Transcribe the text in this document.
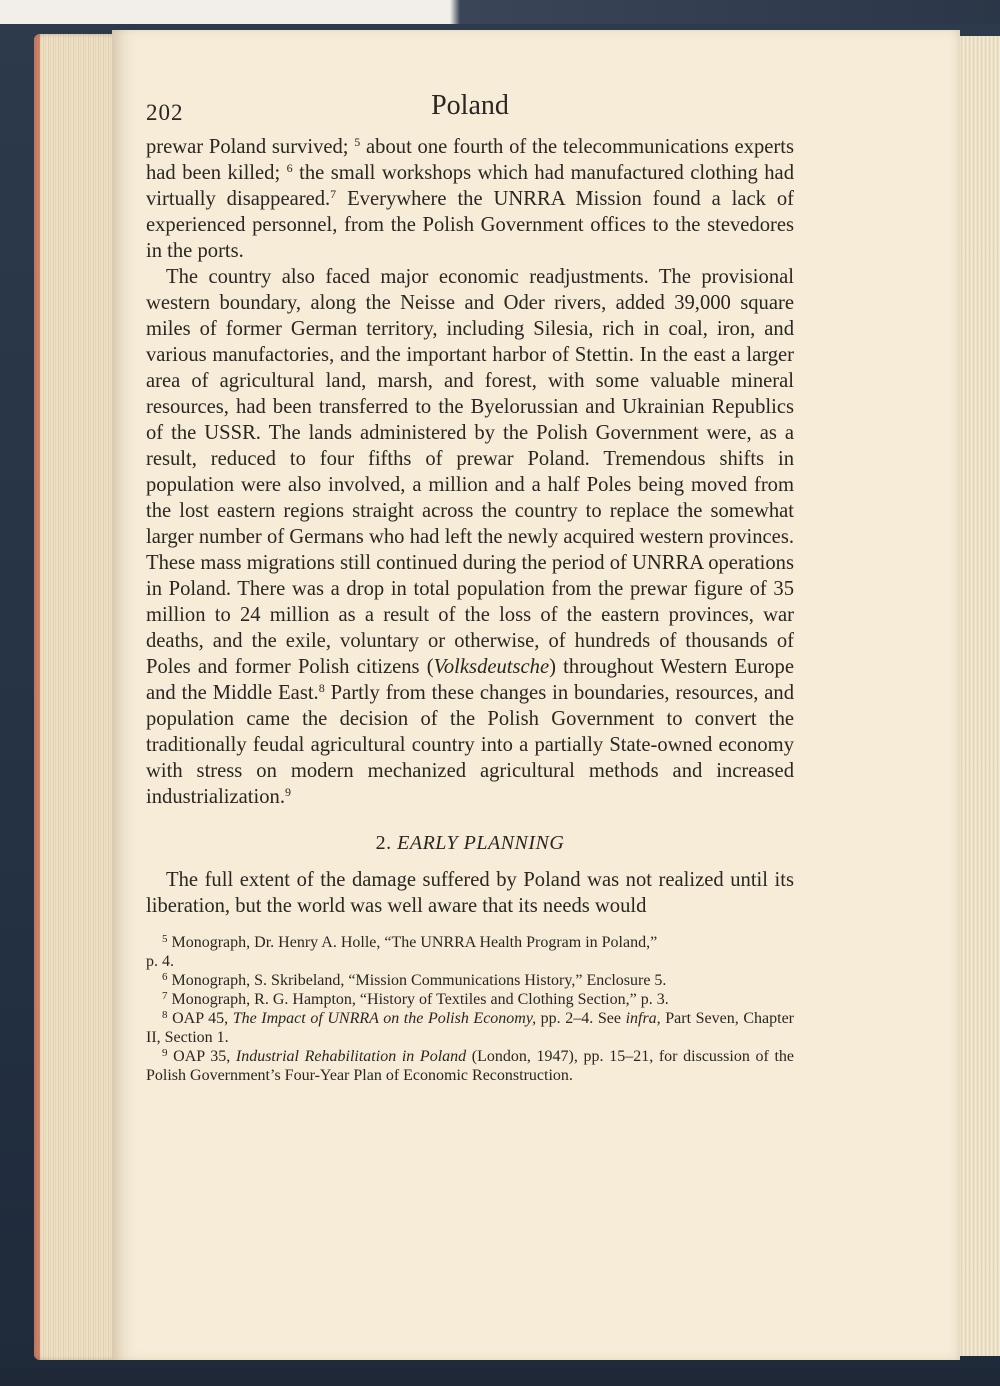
202	Poland

prewar Poland survived; $^5$ about one fourth of the telecommunications experts had been killed; $^6$ the small workshops which had manufactured clothing had virtually disappeared.$^7$ Everywhere the UNRRA Mission found a lack of experienced personnel, from the Polish Government offices to the stevedores in the ports.

The country also faced major economic readjustments. The provisional western boundary, along the Neisse and Oder rivers, added 39,000 square miles of former German territory, including Silesia, rich in coal, iron, and various manufactories, and the important harbor of Stettin. In the east a larger area of agricultural land, marsh, and forest, with some valuable mineral resources, had been transferred to the Byelorussian and Ukrainian Republics of the USSR. The lands administered by the Polish Government were, as a result, reduced to four fifths of prewar Poland. Tremendous shifts in population were also involved, a million and a half Poles being moved from the lost eastern regions straight across the country to replace the somewhat larger number of Germans who had left the newly acquired western provinces. These mass migrations still continued during the period of UNRRA operations in Poland. There was a drop in total population from the prewar figure of 35 million to 24 million as a result of the loss of the eastern provinces, war deaths, and the exile, voluntary or otherwise, of hundreds of thousands of Poles and former Polish citizens (Volksdeutsche) throughout Western Europe and the Middle East.$^8$ Partly from these changes in boundaries, resources, and population came the decision of the Polish Government to convert the traditionally feudal agricultural country into a partially State-owned economy with stress on modern mechanized agricultural methods and increased industrialization.$^9$

2. EARLY PLANNING

The full extent of the damage suffered by Poland was not realized until its liberation, but the world was well aware that its needs would

$^5$ Monograph, Dr. Henry A. Holle, “The UNRRA Health Program in Poland,”

p. 4.

$^6$ Monograph, S. Skribeland, “Mission Communications History,” Enclosure 5.

$^7$ Monograph, R. G. Hampton, “History of Textiles and Clothing Section,” p. 3.

$^8$ OAP 45, The Impact of UNRRA on the Polish Economy, pp. 2–4. See infra, Part Seven, Chapter II, Section 1.

$^9$ OAP 35, Industrial Rehabilitation in Poland (London, 1947), pp. 15–21, for discussion of the Polish Government’s Four-Year Plan of Economic Reconstruction.
